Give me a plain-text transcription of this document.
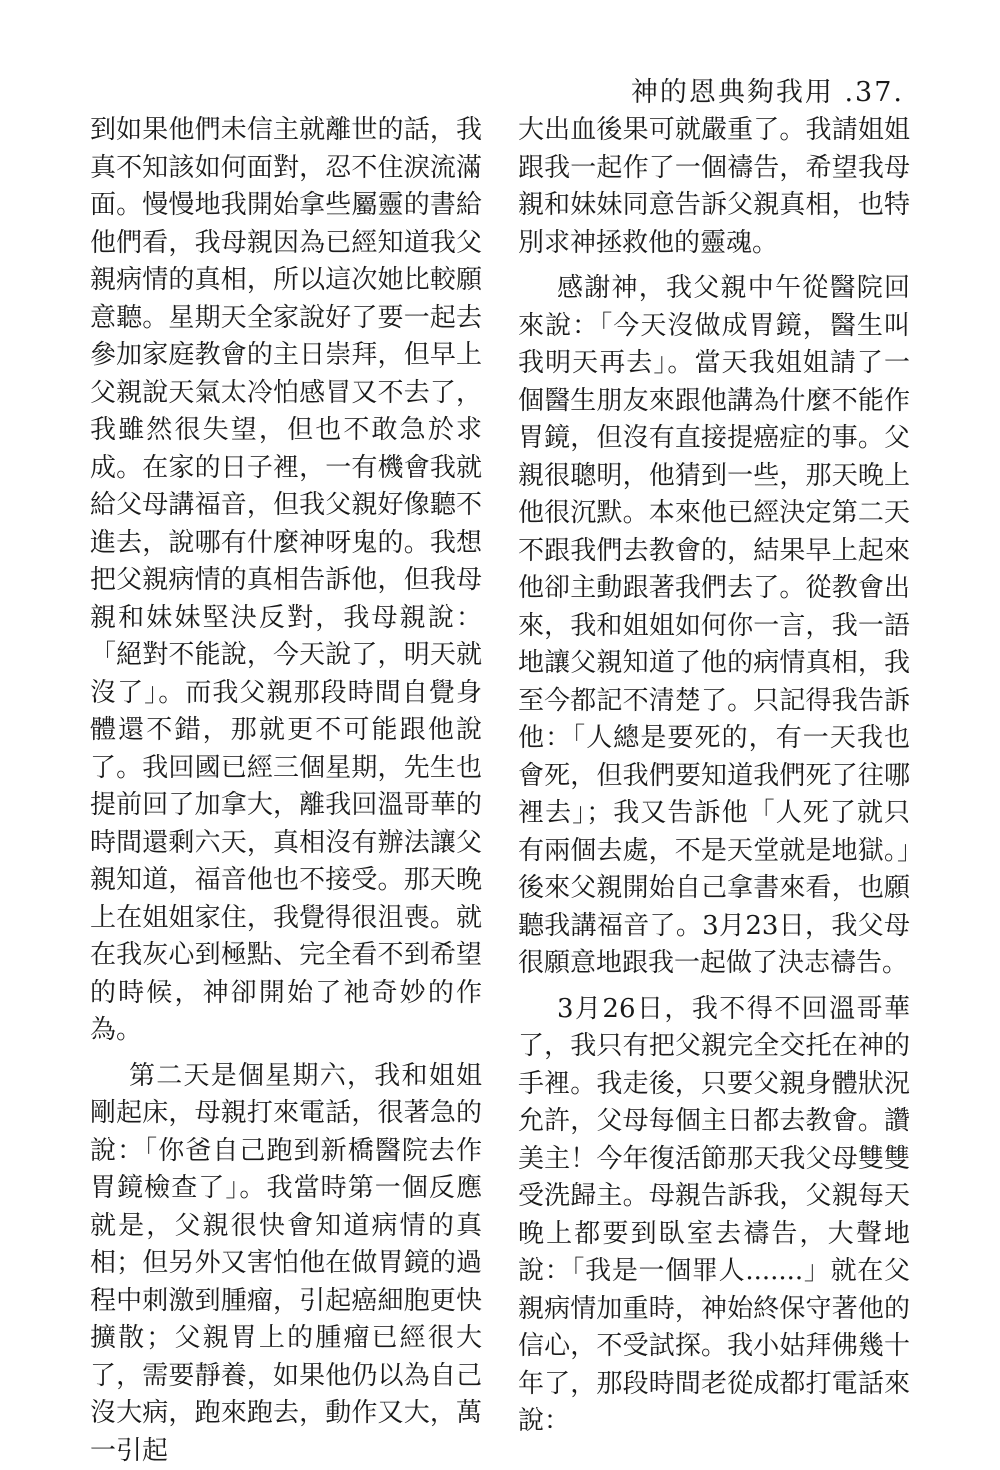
神的恩典夠我用 .37.

到如果他們未信主就離世的話，我真不知該如何面對，忍不住淚流滿面。慢慢地我開始拿些屬靈的書給他們看，我母親因為已經知道我父親病情的真相，所以這次她比較願意聽。星期天全家說好了要一起去參加家庭教會的主日崇拜，但早上父親說天氣太冷怕感冒又不去了，我雖然很失望，但也不敢急於求成。在家的日子裡，一有機會我就給父母講福音，但我父親好像聽不進去，說哪有什麼神呀鬼的。我想把父親病情的真相告訴他，但我母親和妹妹堅決反對，我母親說：「絕對不能說，今天說了，明天就沒了」。而我父親那段時間自覺身體還不錯，那就更不可能跟他說了。我回國已經三個星期，先生也提前回了加拿大，離我回溫哥華的時間還剩六天，真相沒有辦法讓父親知道，福音他也不接受。那天晚上在姐姐家住，我覺得很沮喪。就在我灰心到極點、完全看不到希望的時候，神卻開始了祂奇妙的作為。

第二天是個星期六，我和姐姐剛起床，母親打來電話，很著急的說：「你爸自己跑到新橋醫院去作胃鏡檢查了」。我當時第一個反應就是，父親很快會知道病情的真相；但另外又害怕他在做胃鏡的過程中刺激到腫瘤，引起癌細胞更快擴散；父親胃上的腫瘤已經很大了，需要靜養，如果他仍以為自己沒大病，跑來跑去，動作又大，萬一引起

大出血後果可就嚴重了。我請姐姐跟我一起作了一個禱告，希望我母親和妹妹同意告訴父親真相，也特別求神拯救他的靈魂。

感謝神，我父親中午從醫院回來說：「今天沒做成胃鏡，醫生叫我明天再去」。當天我姐姐請了一個醫生朋友來跟他講為什麼不能作胃鏡，但沒有直接提癌症的事。父親很聰明，他猜到一些，那天晚上他很沉默。本來他已經決定第二天不跟我們去教會的，結果早上起來他卻主動跟著我們去了。從教會出來，我和姐姐如何你一言，我一語地讓父親知道了他的病情真相，我至今都記不清楚了。只記得我告訴他：「人總是要死的，有一天我也會死，但我們要知道我們死了往哪裡去」；我又告訴他「人死了就只有兩個去處，不是天堂就是地獄。」後來父親開始自己拿書來看，也願聽我講福音了。3月23日，我父母很願意地跟我一起做了決志禱告。

3月26日，我不得不回溫哥華了，我只有把父親完全交托在神的手裡。我走後，只要父親身體狀況允許，父母每個主日都去教會。讚美主！今年復活節那天我父母雙雙受洗歸主。母親告訴我，父親每天晚上都要到臥室去禱告，大聲地說：「我是一個罪人.......」就在父親病情加重時，神始終保守著他的信心，不受試探。我小姑拜佛幾十年了，那段時間老從成都打電話來說：
